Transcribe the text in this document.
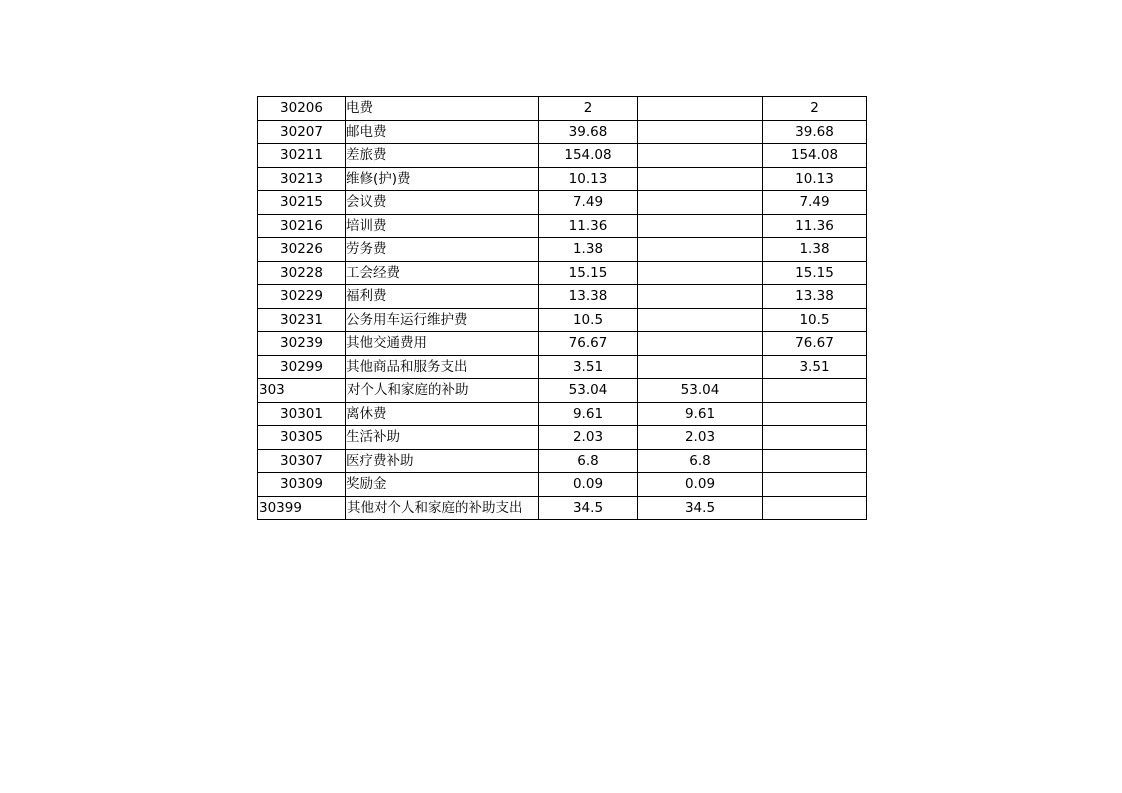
30206	电费	2		2
30207	邮电费	39.68		39.68
30211	差旅费	154.08		154.08
30213	维修(护)费	10.13		10.13
30215	会议费	7.49		7.49
30216	培训费	11.36		11.36
30226	劳务费	1.38		1.38
30228	工会经费	15.15		15.15
30229	福利费	13.38		13.38
30231	公务用车运行维护费	10.5		10.5
30239	其他交通费用	76.67		76.67
30299	其他商品和服务支出	3.51		3.51
303	对个人和家庭的补助	53.04	53.04	
30301	离休费	9.61	9.61	
30305	生活补助	2.03	2.03	
30307	医疗费补助	6.8	6.8	
30309	奖励金	0.09	0.09	
30399	其他对个人和家庭的补助支出	34.5	34.5	
